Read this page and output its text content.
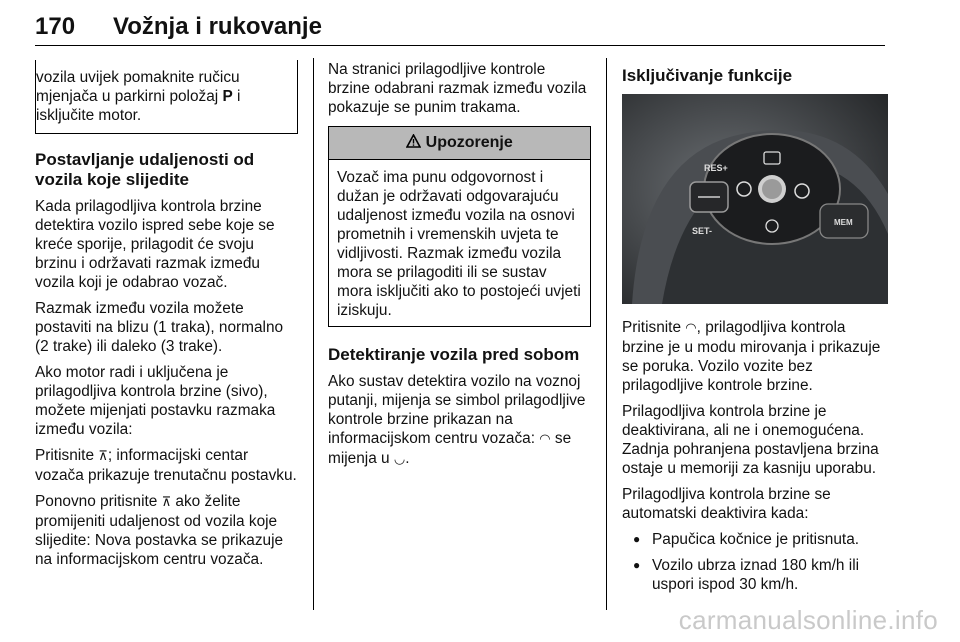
170	Vožnja i rukovanje

vozila uvijek pomaknite ručicu mjenjača u parkirni položaj P i isključite motor.

Postavljanje udaljenosti od vozila koje slijedite

Kada prilagodljiva kontrola brzine detektira vozilo ispred sebe koje se kreće sporije, prilagodit će svoju brzinu i održavati razmak između vozila koji je odabrao vozač.

Razmak između vozila možete postaviti na blizu (1 traka), normalno (2 trake) ili daleko (3 trake).

Ako motor radi i uključena je prilagodljiva kontrola brzine (sivo), možete mijenjati postavku razmaka između vozila:

Pritisnite ⊼; informacijski centar vozača prikazuje trenutačnu postavku.

Ponovno pritisnite ⊼ ako želite promijeniti udaljenost od vozila koje slijedite: Nova postavka se prikazuje na informacijskom centru vozača.

Na stranici prilagodljive kontrole brzine odabrani razmak između vozila pokazuje se punim trakama.

Upozorenje

Vozač ima punu odgovornost i dužan je održavati odgovarajuću udaljenost između vozila na osnovi prometnih i vremenskih uvjeta te vidljivosti. Razmak između vozila mora se prilagoditi ili se sustav mora isključiti ako to postojeći uvjeti iziskuju.

Detektiranje vozila pred sobom

Ako sustav detektira vozilo na voznoj putanji, mijenja se simbol prilagodljive kontrole brzine prikazan na informacijskom centru vozača: ◠ se mijenja u ◡.

Isključivanje funkcije
RES+
SET-
MEM

Pritisnite ◠, prilagodljiva kontrola brzine je u modu mirovanja i prikazuje se poruka. Vozilo vozite bez prilagodljive kontrole brzine.

Prilagodljiva kontrola brzine je deaktivirana, ali ne i onemogućena. Zadnja pohranjena postavljena brzina ostaje u memoriji za kasniju uporabu.

Prilagodljiva kontrola brzine se automatski deaktivira kada:

● Papučica kočnice je pritisnuta.
● Vozilo ubrza iznad 180 km/h ili uspori ispod 30 km/h.
carmanualsonline.info
